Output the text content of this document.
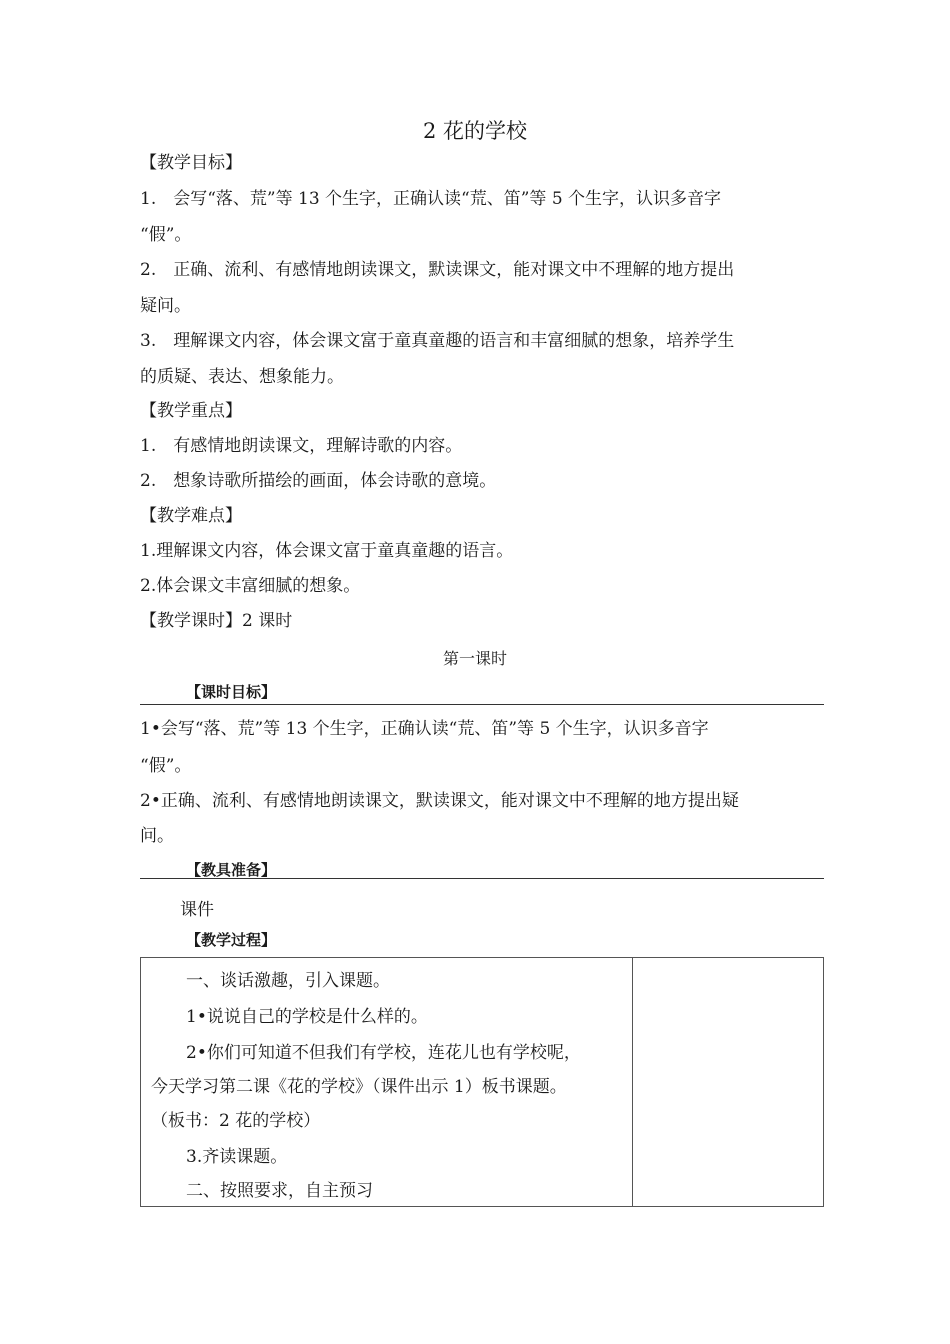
2 花的学校
【教学目标】
1.　会写“落、荒”等 13 个生字，正确认读“荒、笛”等 5 个生字，认识多音字
“假”。
2.　正确、流利、有感情地朗读课文，默读课文，能对课文中不理解的地方提出
疑问。
3.　理解课文内容，体会课文富于童真童趣的语言和丰富细腻的想象，培养学生
的质疑、表达、想象能力。
【教学重点】
1.　有感情地朗读课文，理解诗歌的内容。
2.　想象诗歌所描绘的画面，体会诗歌的意境。
【教学难点】
1.理解课文内容，体会课文富于童真童趣的语言。
2.体会课文丰富细腻的想象。
【教学课时】2 课时
第一课时
【课时目标】
1•会写“落、荒”等 13 个生字，正确认读“荒、笛”等 5 个生字，认识多音字
“假”。
2•正确、流利、有感情地朗读课文，默读课文，能对课文中不理解的地方提出疑
问。
【教具准备】
课件
【教学过程】
一、谈话激趣，引入课题。
1•说说自己的学校是什么样的。
2•你们可知道不但我们有学校，连花儿也有学校呢，
今天学习第二课《花的学校》（课件出示 1）板书课题。
（板书：2 花的学校）
3.齐读课题。
二、按照要求，自主预习
